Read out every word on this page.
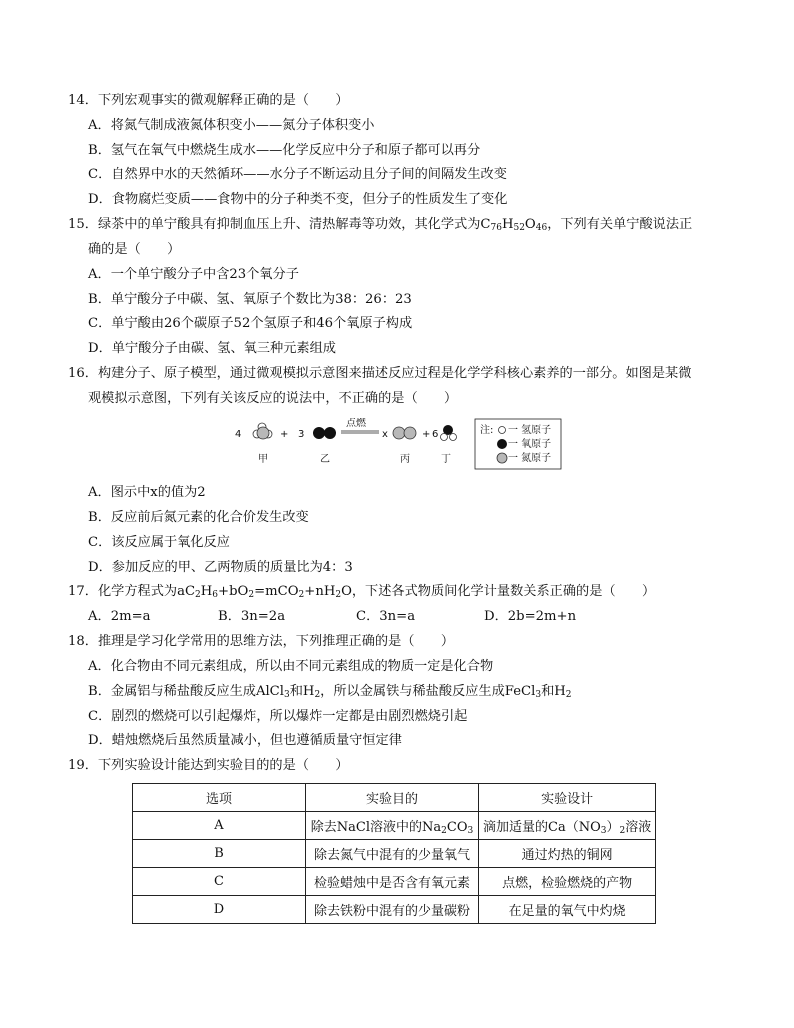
14．下列宏观事实的微观解释正确的是（　　）
A．将氮气制成液氮体积变小——氮分子体积变小
B．氢气在氧气中燃烧生成水——化学反应中分子和原子都可以再分
C．自然界中水的天然循环——水分子不断运动且分子间的间隔发生改变
D．食物腐烂变质——食物中的分子种类不变，但分子的性质发生了变化
15．绿茶中的单宁酸具有抑制血压上升、清热解毒等功效，其化学式为$C_{76}H_{52}O_{46}$，下列有关单宁酸说法正
确的是（　　）
A．一个单宁酸分子中含23个氧分子
B．单宁酸分子中碳、氢、氧原子个数比为38：26：23
C．单宁酸由26个碳原子52个氢原子和46个氧原子构成
D．单宁酸分子由碳、氢、氧三种元素组成
16．构建分子、原子模型，通过微观模拟示意图来描述反应过程是化学学科核心素养的一部分。如图是某微
观模拟示意图，下列有关该反应的说法中，不正确的是（　　）
4	+ 3
点燃
x	+ 6
甲	乙	丙	丁
注: 一 氢原子
一 氧原子
一 氮原子
A．图示中x的值为2
B．反应前后氮元素的化合价发生改变
C．该反应属于氧化反应
D．参加反应的甲、乙两物质的质量比为4：3
17．化学方程式为$aC_2H_6+bO_2=mCO_2+nH_2O$，下述各式物质间化学计量数关系正确的是（　　）
A．2m=a	B．3n=2a	C．3n=a	D．2b=2m+n
18．推理是学习化学常用的思维方法，下列推理正确的是（　　）
A．化合物由不同元素组成，所以由不同元素组成的物质一定是化合物
B．金属铝与稀盐酸反应生成AlCl$_3$和$H_2$，所以金属铁与稀盐酸反应生成FeCl$_3$和$H_2$
C．剧烈的燃烧可以引起爆炸，所以爆炸一定都是由剧烈燃烧引起
D．蜡烛燃烧后虽然质量减小，但也遵循质量守恒定律
19．下列实验设计能达到实验目的的是（　　）
选项	实验目的	实验设计
A	除去NaCl溶液中的$Na_2CO_3$	滴加适量的$Ca(NO_3)_2$溶液
B	除去氮气中混有的少量氧气	通过灼热的铜网
C	检验蜡烛中是否含有氧元素	点燃，检验燃烧的产物
D	除去铁粉中混有的少量碳粉	在足量的氧气中灼烧
